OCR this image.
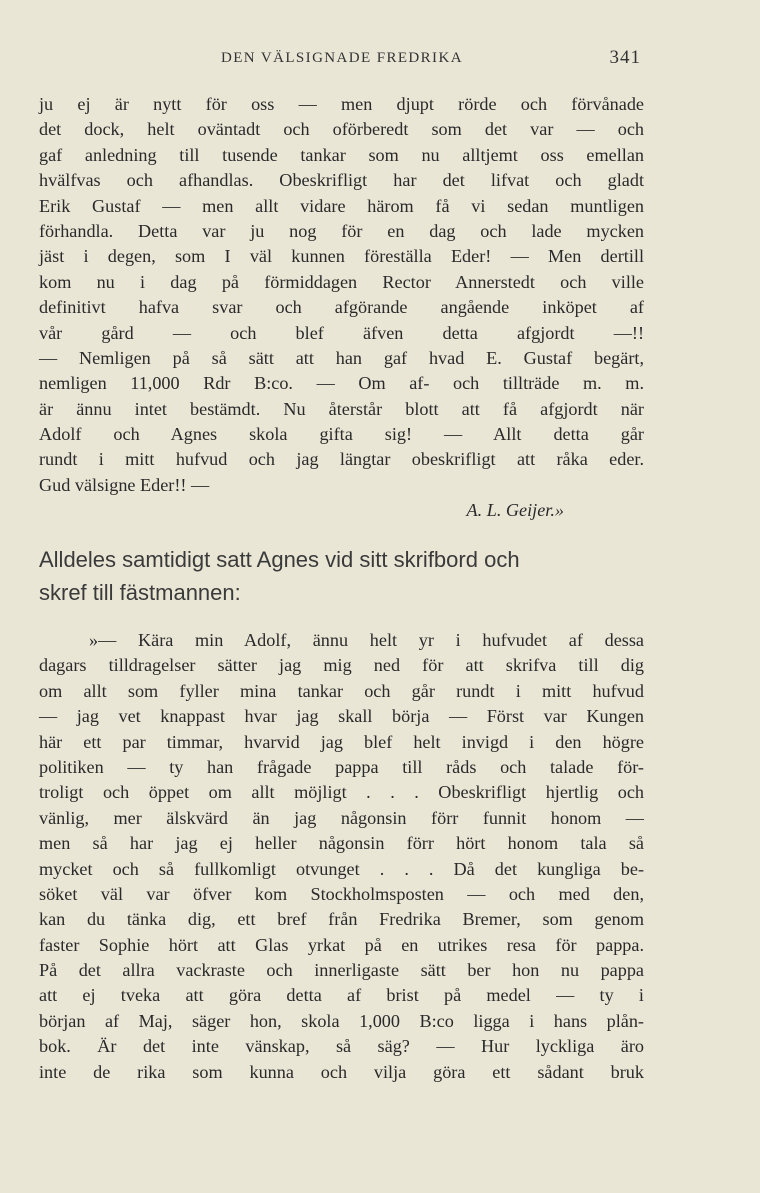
DEN VÄLSIGNADE FREDRIKA	341
ju ej är nytt för oss — men djupt rörde och förvånade
det dock, helt oväntadt och oförberedt som det var — och
gaf anledning till tusende tankar som nu alltjemt oss emellan
hvälfvas och afhandlas. Obeskrifligt har det lifvat och gladt
Erik Gustaf — men allt vidare härom få vi sedan muntligen
förhandla. Detta var ju nog för en dag och lade mycken
jäst i degen, som I väl kunnen föreställa Eder! — Men dertill
kom nu i dag på förmiddagen Rector Annerstedt och ville
definitivt hafva svar och afgörande angående inköpet af
vår gård — och blef äfven detta afgjordt —!!
— Nemligen på så sätt att han gaf hvad E. Gustaf begärt,
nemligen 11,000 Rdr B:co. — Om af- och tillträde m. m.
är ännu intet bestämdt. Nu återstår blott att få afgjordt när
Adolf och Agnes skola gifta sig! — Allt detta går
rundt i mitt hufvud och jag längtar obeskrifligt att råka eder.
Gud välsigne Eder!! —
A. L. Geijer.»
Alldeles samtidigt satt Agnes vid sitt skrifbord och
skref till fästmannen:
»— Kära min Adolf, ännu helt yr i hufvudet af dessa
dagars tilldragelser sätter jag mig ned för att skrifva till dig
om allt som fyller mina tankar och går rundt i mitt hufvud
— jag vet knappast hvar jag skall börja — Först var Kungen
här ett par timmar, hvarvid jag blef helt invigd i den högre
politiken — ty han frågade pappa till råds och talade för-
troligt och öppet om allt möjligt . . . Obeskrifligt hjertlig och
vänlig, mer älskvärd än jag någonsin förr funnit honom —
men så har jag ej heller någonsin förr hört honom tala så
mycket och så fullkomligt otvunget . . . Då det kungliga be-
söket väl var öfver kom Stockholmsposten — och med den,
kan du tänka dig, ett bref från Fredrika Bremer, som genom
faster Sophie hört att Glas yrkat på en utrikes resa för pappa.
På det allra vackraste och innerligaste sätt ber hon nu pappa
att ej tveka att göra detta af brist på medel — ty i
början af Maj, säger hon, skola 1,000 B:co ligga i hans plån-
bok. Är det inte vänskap, så säg? — Hur lyckliga äro
inte de rika som kunna och vilja göra ett sådant bruk
